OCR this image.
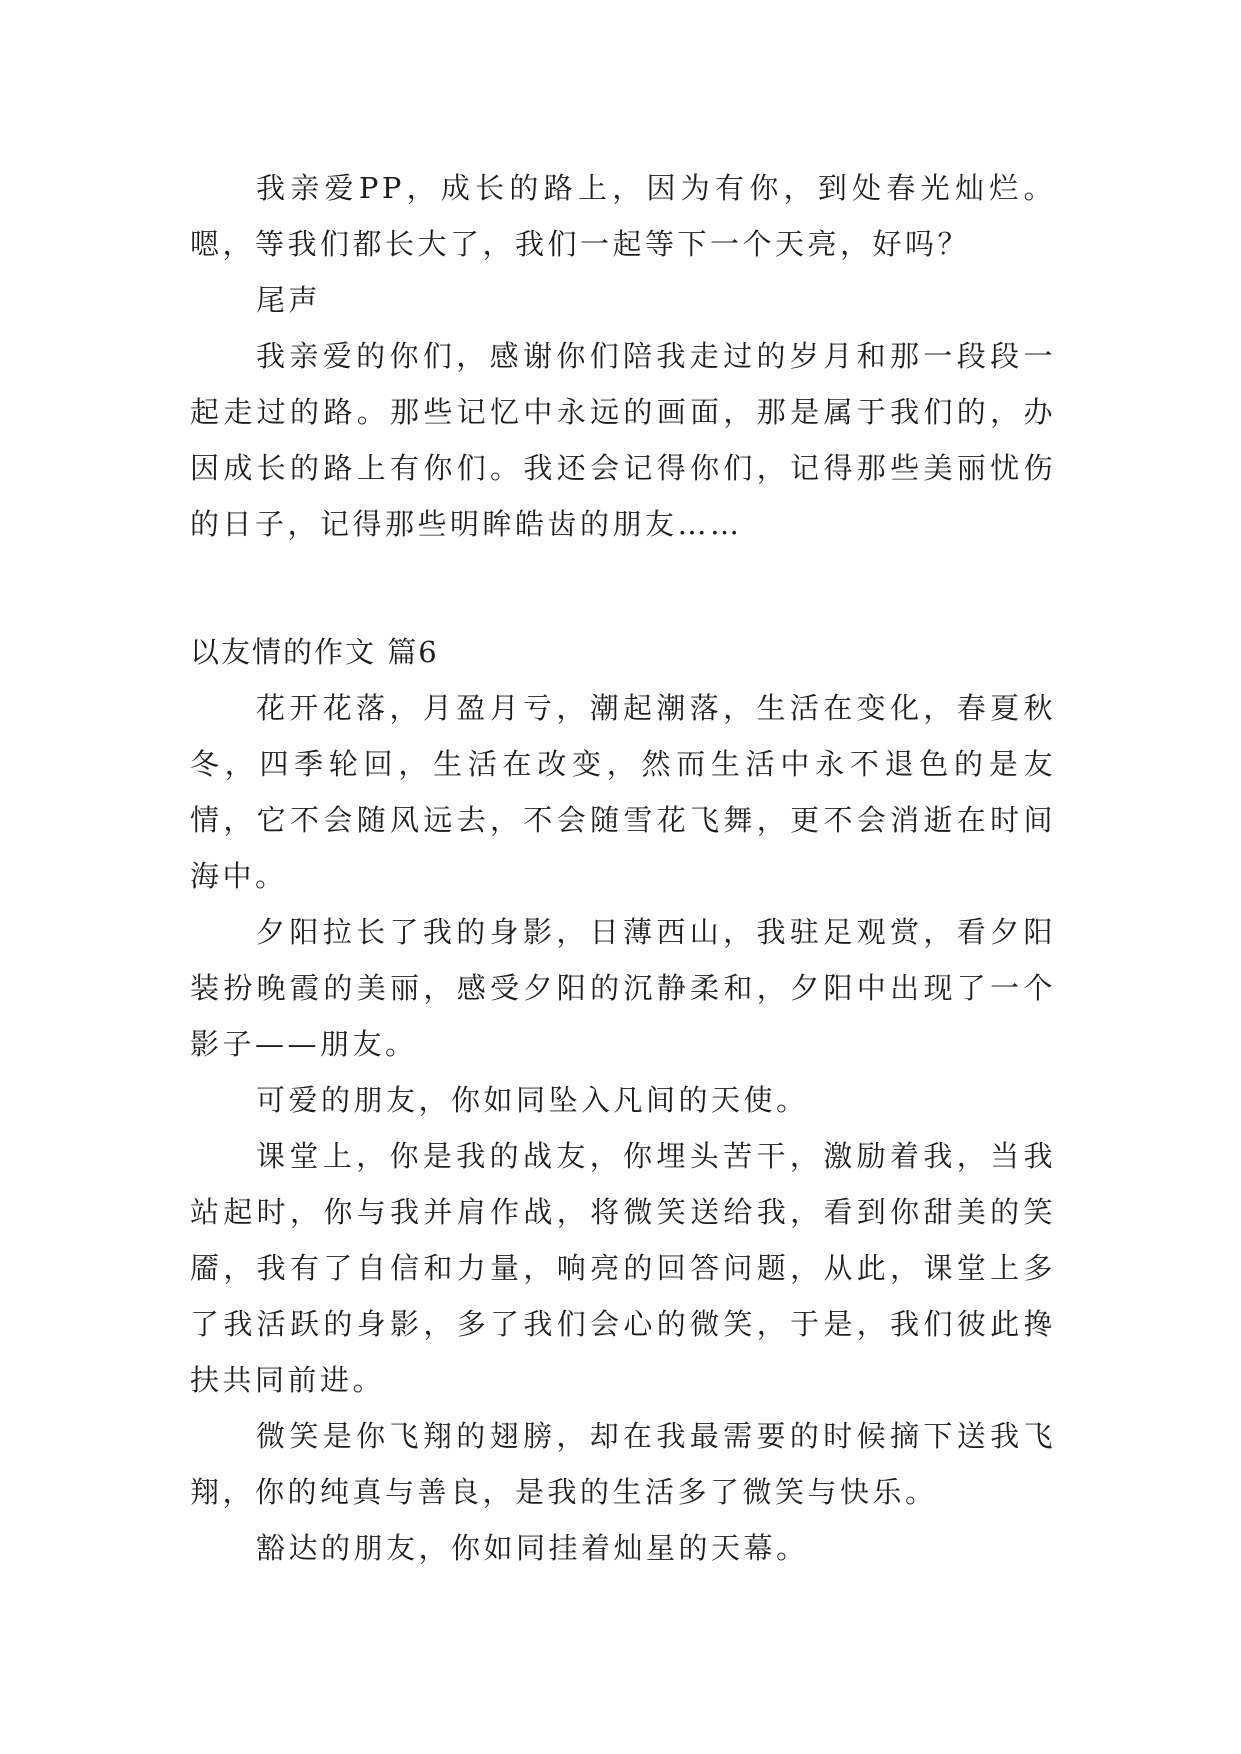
我亲爱PP，成长的路上，因为有你，到处春光灿烂。嗯，等我们都长大了，我们一起等下一个天亮，好吗？

尾声

我亲爱的你们，感谢你们陪我走过的岁月和那一段段一起走过的路。那些记忆中永远的画面，那是属于我们的，办因成长的路上有你们。我还会记得你们，记得那些美丽忧伤的日子，记得那些明眸皓齿的朋友……

以友情的作文 篇6

花开花落，月盈月亏，潮起潮落，生活在变化，春夏秋冬，四季轮回，生活在改变，然而生活中永不退色的是友情，它不会随风远去，不会随雪花飞舞，更不会消逝在时间海中。

夕阳拉长了我的身影，日薄西山，我驻足观赏，看夕阳装扮晚霞的美丽，感受夕阳的沉静柔和，夕阳中出现了一个影子——朋友。

可爱的朋友，你如同坠入凡间的天使。

课堂上，你是我的战友，你埋头苦干，激励着我，当我站起时，你与我并肩作战，将微笑送给我，看到你甜美的笑靥，我有了自信和力量，响亮的回答问题，从此，课堂上多了我活跃的身影，多了我们会心的微笑，于是，我们彼此搀扶共同前进。

微笑是你飞翔的翅膀，却在我最需要的时候摘下送我飞翔，你的纯真与善良，是我的生活多了微笑与快乐。

豁达的朋友，你如同挂着灿星的天幕。
